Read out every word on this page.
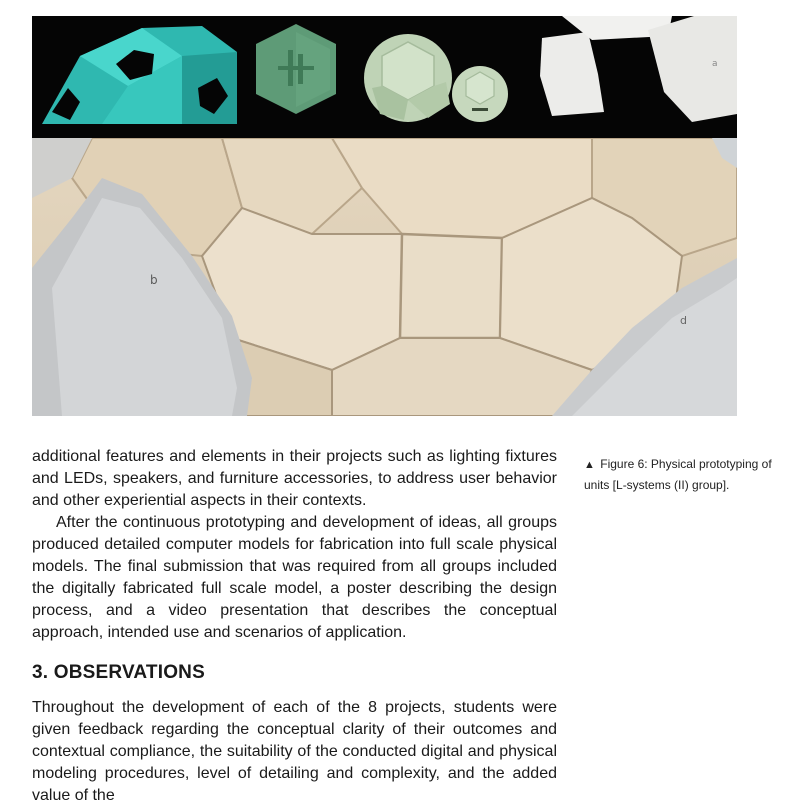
a
b
d

additional features and elements in their projects such as lighting fixtures and LEDs, speakers, and furniture accessories, to address user behavior and other experiential aspects in their contexts.

After the continuous prototyping and development of ideas, all groups produced detailed computer models for fabrication into full scale physical models. The final submission that was required from all groups included the digitally fabricated full scale model, a poster describing the design process, and a video presentation that describes the conceptual approach, intended use and scenarios of application.

▲ Figure 6: Physical prototyping of units [L-systems (II) group].
3. OBSERVATIONS

Throughout the development of each of the 8 projects, students were given feedback regarding the conceptual clarity of their outcomes and contextual compliance, the suitability of the conducted digital and physical modeling procedures, level of detailing and complexity, and the added value of the
